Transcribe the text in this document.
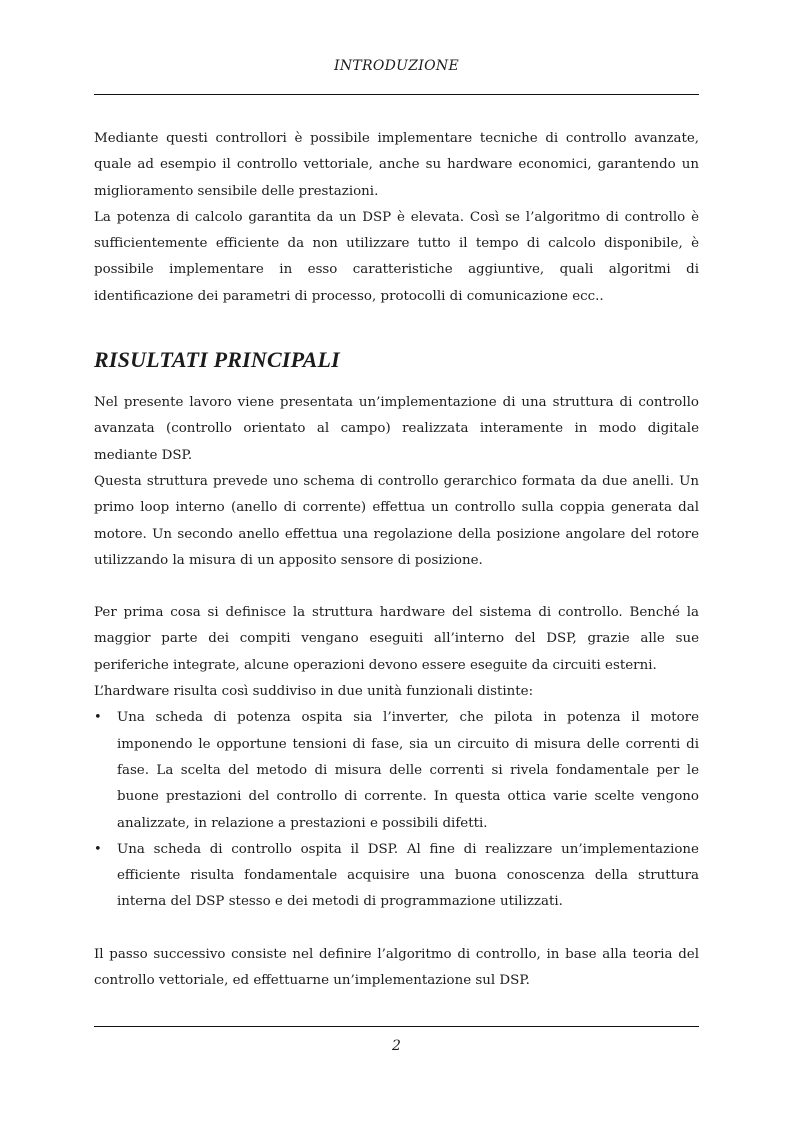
INTRODUZIONE

Mediante questi controllori è possibile implementare tecniche di controllo avanzate, quale ad esempio il controllo vettoriale, anche su hardware economici, garantendo un miglioramento sensibile delle prestazioni.

La potenza di calcolo garantita da un DSP è elevata. Così se l’algoritmo di controllo è sufficientemente efficiente da non utilizzare tutto il tempo di calcolo disponibile, è possibile implementare in esso caratteristiche aggiuntive, quali algoritmi di identificazione dei parametri di processo, protocolli di comunicazione ecc..

RISULTATI PRINCIPALI

Nel presente lavoro viene presentata un’implementazione di una struttura di controllo avanzata (controllo orientato al campo) realizzata interamente in modo digitale mediante DSP.

Questa struttura prevede uno schema di controllo gerarchico formata da due anelli. Un primo loop interno (anello di corrente) effettua un controllo sulla coppia generata dal motore. Un secondo anello effettua una regolazione della posizione angolare del rotore utilizzando la misura di un apposito sensore di posizione.

Per prima cosa si definisce la struttura hardware del sistema di controllo. Benché la maggior parte dei compiti vengano eseguiti all’interno del DSP, grazie alle sue periferiche integrate, alcune operazioni devono essere eseguite da circuiti esterni.

L’hardware risulta così suddiviso in due unità funzionali distinte:

• Una scheda di potenza ospita sia l’inverter, che pilota in potenza il motore imponendo le opportune tensioni di fase, sia un circuito di misura delle correnti di fase. La scelta del metodo di misura delle correnti si rivela fondamentale per le buone prestazioni del controllo di corrente. In questa ottica varie scelte vengono analizzate, in relazione a prestazioni e possibili difetti.
• Una scheda di controllo ospita il DSP. Al fine di realizzare un’implementazione efficiente risulta fondamentale acquisire una buona conoscenza della struttura interna del DSP stesso e dei metodi di programmazione utilizzati.

Il passo successivo consiste nel definire l’algoritmo di controllo, in base alla teoria del controllo vettoriale, ed effettuarne un’implementazione sul DSP.

2
